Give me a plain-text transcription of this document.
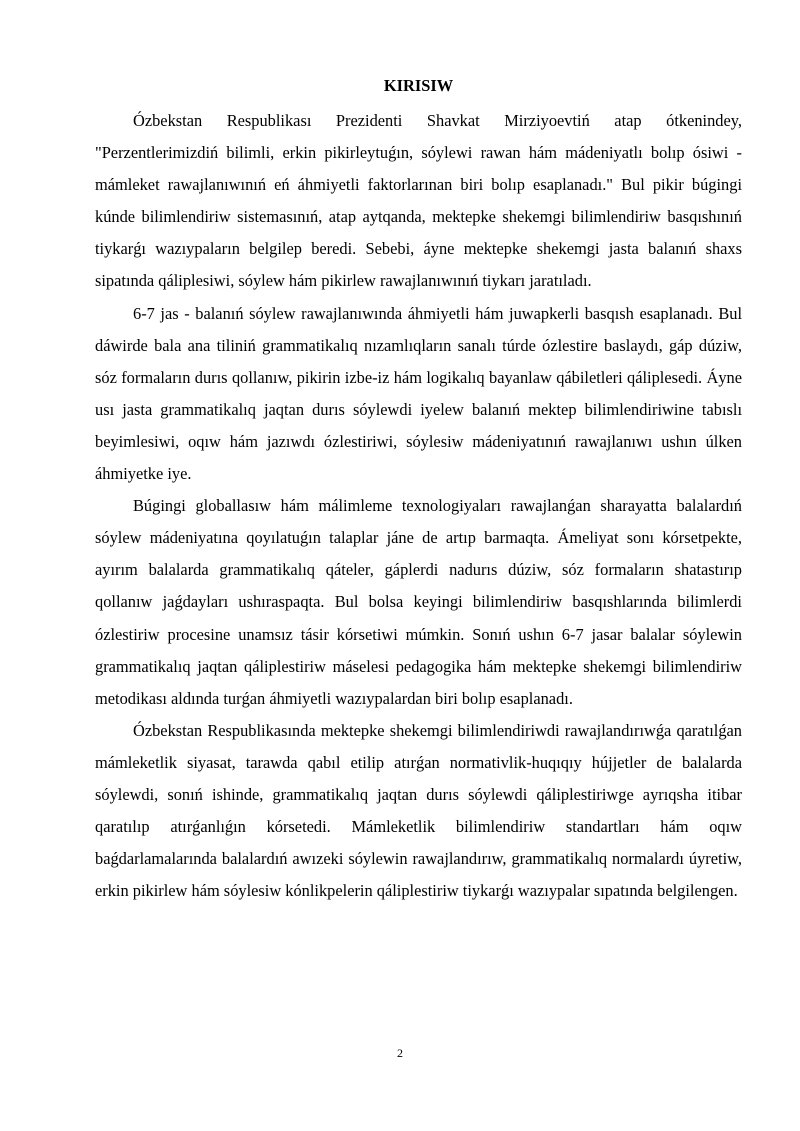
KIRISIW

Ózbekstan Respublikası Prezidenti Shavkat Mirziyoevtiń atap ótkenindey, "Perzentlerimizdiń bilimli, erkin pikirleytuǵın, sóylewi rawan hám mádeniyatlı bolıp ósiwi - mámleket rawajlanıwınıń eń áhmiyetli faktorlarınan biri bolıp esaplanadı." Bul pikir búgingi kúnde bilimlendiriw sistemasınıń, atap aytqanda, mektepke shekemgi bilimlendiriw basqıshınıń tiykarǵı wazıypaların belgilep beredi. Sebebi, áyne mektepke shekemgi jasta balanıń shaxs sipatında qáliplesiwi, sóylew hám pikirlew rawajlanıwınıń tiykarı jaratıladı.

6-7 jas - balanıń sóylew rawajlanıwında áhmiyetli hám juwapkerli basqısh esaplanadı. Bul dáwirde bala ana tiliniń grammatikalıq nızamlıqların sanalı túrde ózlestire baslaydı, gáp dúziw, sóz formaların durıs qollanıw, pikirin izbe-iz hám logikalıq bayanlaw qábiletleri qáliplesedi. Áyne usı jasta grammatikalıq jaqtan durıs sóylewdi iyelew balanıń mektep bilimlendiriwine tabıslı beyimlesiwi, oqıw hám jazıwdı ózlestiriwi, sóylesiw mádeniyatınıń rawajlanıwı ushın úlken áhmiyetke iye.

Búgingi globallasıw hám málimleme texnologiyaları rawajlanǵan sharayatta balalardıń sóylew mádeniyatına qoyılatuǵın talaplar jáne de artıp barmaqta. Ámeliyat sonı kórsetpekte, ayırım balalarda grammatikalıq qáteler, gáplerdi nadurıs dúziw, sóz formaların shatastırıp qollanıw jaǵdayları ushıraspaqta. Bul bolsa keyingi bilimlendiriw basqıshlarında bilimlerdi ózlestiriw procesine unamsız tásir kórsetiwi múmkin. Sonıń ushın 6-7 jasar balalar sóylewin grammatikalıq jaqtan qáliplestiriw máselesi pedagogika hám mektepke shekemgi bilimlendiriw metodikası aldında turǵan áhmiyetli wazıypalardan biri bolıp esaplanadı.

Ózbekstan Respublikasında mektepke shekemgi bilimlendiriwdi rawajlandırıwǵa qaratılǵan mámleketlik siyasat, tarawda qabıl etilip atırǵan normativlik-huqıqıy hújjetler de balalarda sóylewdi, sonıń ishinde, grammatikalıq jaqtan durıs sóylewdi qáliplestiriwge ayrıqsha itibar qaratılıp atırǵanlıǵın kórsetedi. Mámleketlik bilimlendiriw standartları hám oqıw baǵdarlamalarında balalardıń awızeki sóylewin rawajlandırıw, grammatikalıq normalardı úyretiw, erkin pikirlew hám sóylesiw kónlikpelerin qáliplestiriw tiykarǵı wazıypalar sıpatında belgilengen.

2
